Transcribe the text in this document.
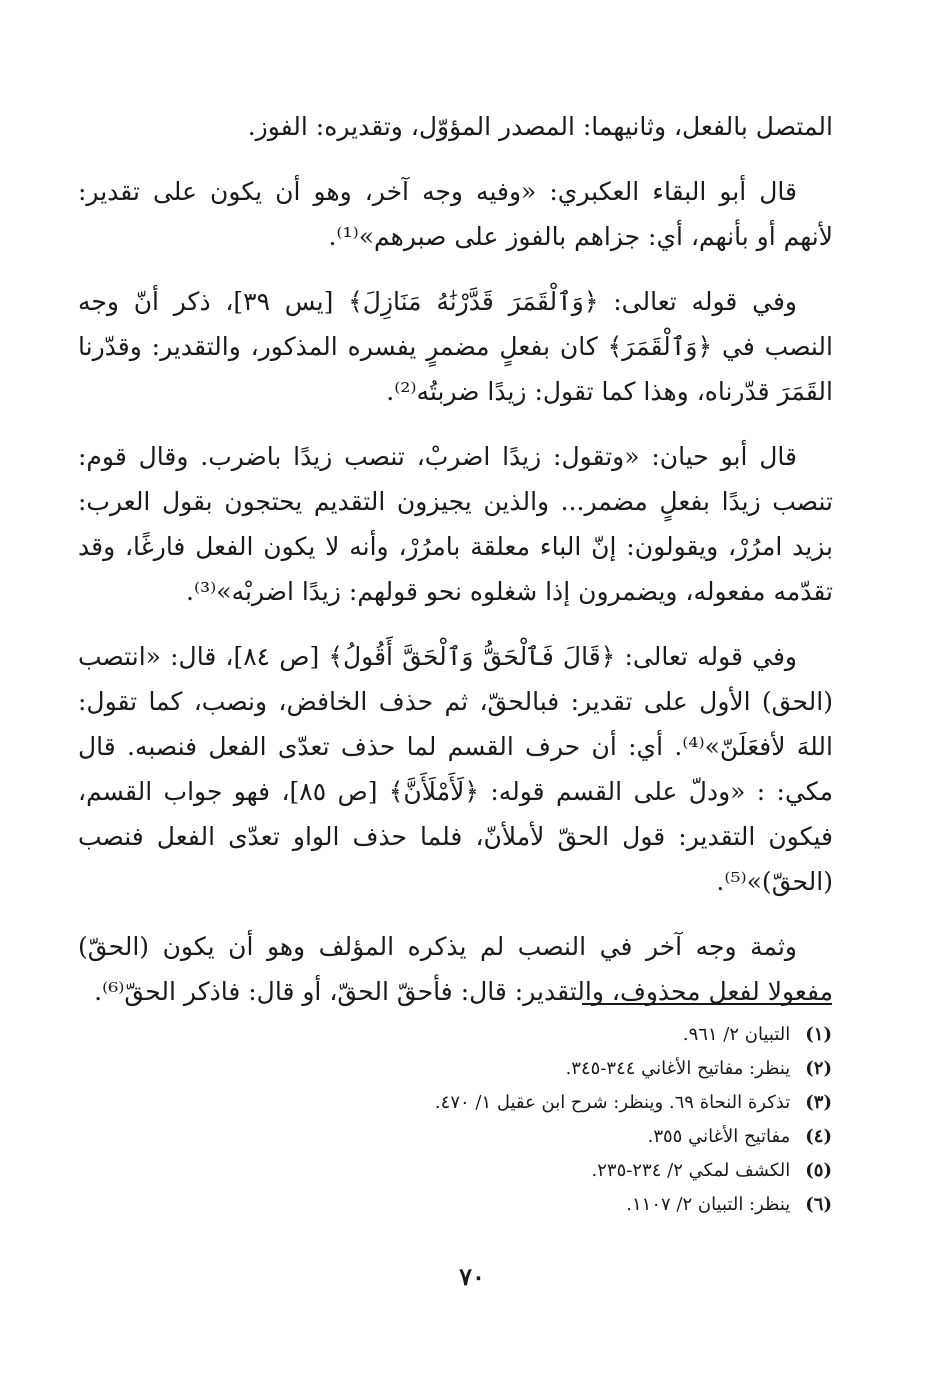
المتصل بالفعل، وثانيهما: المصدر المؤوّل، وتقديره: الفوز.

قال أبو البقاء العكبري: «وفيه وجه آخر، وهو أن يكون على تقدير: لأنهم أو بأنهم، أي: جزاهم بالفوز على صبرهم»⁽¹⁾.

وفي قوله تعالى: ﴿وَٱلْقَمَرَ قَدَّرْنَٰهُ مَنَازِلَ﴾ [يس ٣٩]، ذكر أنّ وجه النصب في ﴿وَٱلْقَمَرَ﴾ كان بفعلٍ مضمرٍ يفسره المذكور، والتقدير: وقدّرنا القَمَرَ قدّرناه، وهذا كما تقول: زيدًا ضربتُه⁽²⁾.

قال أبو حيان: «وتقول: زيدًا اضربْ، تنصب زيدًا باضرب. وقال قوم: تنصب زيدًا بفعلٍ مضمر... والذين يجيزون التقديم يحتجون بقول العرب: بزيد امرُرْ، ويقولون: إنّ الباء معلقة بامرُرْ، وأنه لا يكون الفعل فارغًا، وقد تقدّمه مفعوله، ويضمرون إذا شغلوه نحو قولهم: زيدًا اضربْه»⁽³⁾.

وفي قوله تعالى: ﴿قَالَ فَٱلْحَقُّ وَٱلْحَقَّ أَقُولُ﴾ [ص ٨٤]، قال: «انتصب (الحق) الأول على تقدير: فبالحقّ، ثم حذف الخافض، ونصب، كما تقول: اللهَ لأفعَلَنّ»⁽⁴⁾. أي: أن حرف القسم لما حذف تعدّى الفعل فنصبه. قال مكي: : «ودلّ على القسم قوله: ﴿لَأَمْلَأَنَّ﴾ [ص ٨٥]، فهو جواب القسم، فيكون التقدير: قول الحقّ لأملأنّ، فلما حذف الواو تعدّى الفعل فنصب (الحقّ)»⁽⁵⁾.

وثمة وجه آخر في النصب لم يذكره المؤلف وهو أن يكون (الحقّ) مفعولا لفعل محذوف، والتقدير: قال: فأحقّ الحقّ، أو قال: فاذكر الحقّ⁽⁶⁾.

(١) التبيان ٢/ ٩٦١.
(٢) ينظر: مفاتيح الأغاني ٣٤٤-٣٤٥.
(٣) تذكرة النحاة ٦٩. وينظر: شرح ابن عقيل ١/ ٤٧٠.
(٤) مفاتيح الأغاني ٣٥٥.
(٥) الكشف لمكي ٢/ ٢٣٤-٢٣٥.
(٦) ينظر: التبيان ٢/ ١١٠٧.
٧٠
